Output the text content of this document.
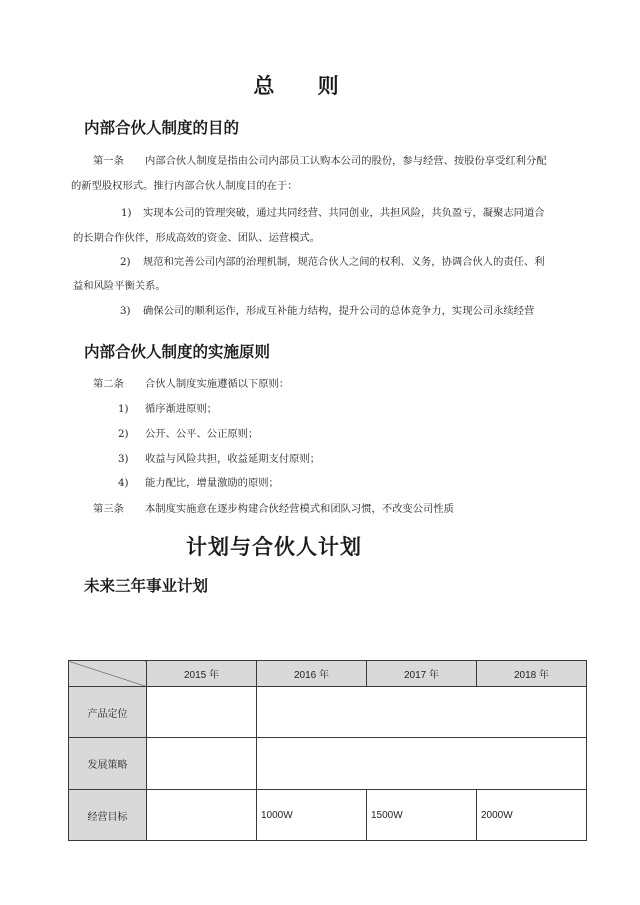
总 则
内部合伙人制度的目的
第一条 内部合伙人制度是指由公司内部员工认购本公司的股份，参与经营、按股份享受红利分配
的新型股权形式。推行内部合伙人制度目的在于：
1) 实现本公司的管理突破，通过共同经营、共同创业，共担风险，共负盈亏，凝聚志同道合
的长期合作伙伴，形成高效的资金、团队、运营模式。
2) 规范和完善公司内部的治理机制，规范合伙人之间的权利、义务，协调合伙人的责任、利
益和风险平衡关系。
3) 确保公司的顺利运作，形成互补能力结构，提升公司的总体竞争力，实现公司永续经营
内部合伙人制度的实施原则
第二条 合伙人制度实施遵循以下原则：
1) 循序渐进原则；
2) 公开、公平、公正原则；
3) 收益与风险共担，收益延期支付原则；
4) 能力配比，增量激励的原则；
第三条 本制度实施意在逐步构建合伙经营模式和团队习惯，不改变公司性质
计划与合伙人计划
未来三年事业计划
	2015 年	2016 年	2017 年	2018 年
产品定位				
发展策略				
经营目标		1000W	1500W	2000W
